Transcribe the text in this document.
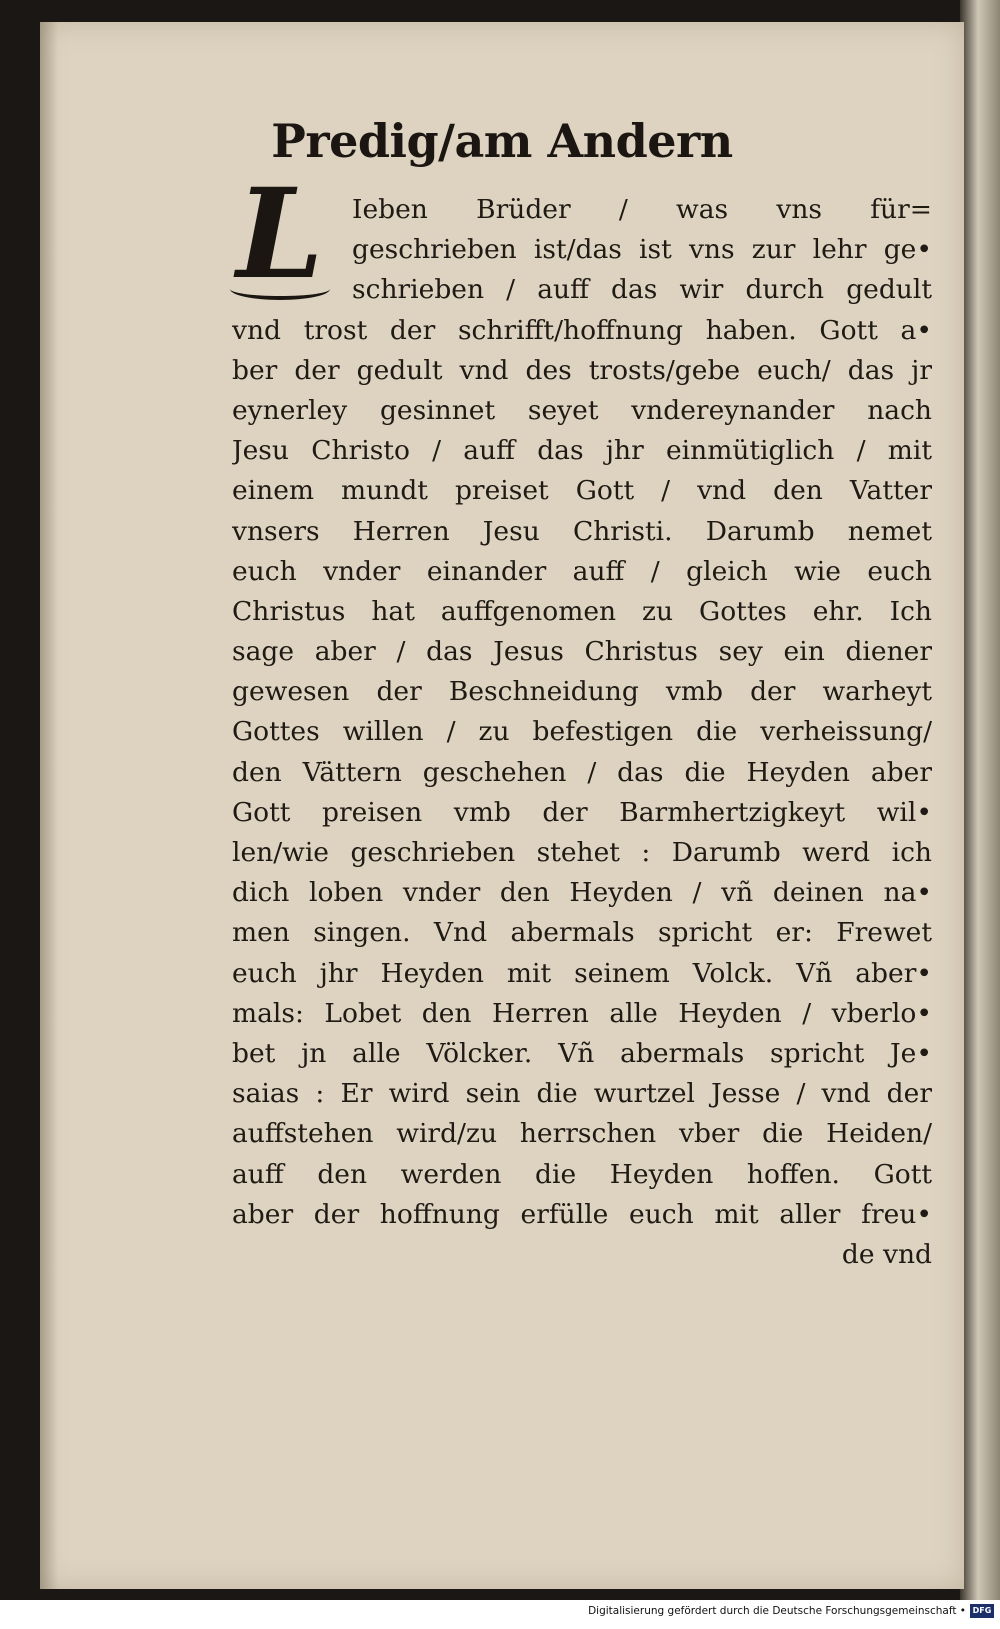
Predig/am Andern
L	Ieben Brüder / was vns für=
geschrieben ist/das ist vns zur lehr ge•
schrieben / auff das wir durch gedult
vnd trost der schrifft/hoffnung haben. Gott a•
ber der gedult vnd des trosts/gebe euch/ das jr
eynerley gesinnet seyet vndereynander nach
Jesu Christo / auff das jhr einmütiglich / mit
einem mundt preiset Gott / vnd den Vatter
vnsers Herren Jesu Christi. Darumb nemet
euch vnder einander auff / gleich wie euch
Christus hat auffgenomen zu Gottes ehr. Ich
sage aber / das Jesus Christus sey ein diener
gewesen der Beschneidung vmb der warheyt
Gottes willen / zu befestigen die verheissung/
den Vättern geschehen / das die Heyden aber
Gott preisen vmb der Barmhertzigkeyt wil•
len/wie geschrieben stehet : Darumb werd ich
dich loben vnder den Heyden / vñ deinen na•
men singen. Vnd abermals spricht er: Frewet
euch jhr Heyden mit seinem Volck. Vñ aber•
mals: Lobet den Herren alle Heyden / vberlo•
bet jn alle Völcker. Vñ abermals spricht Je•
saias : Er wird sein die wurtzel Jesse / vnd der
auffstehen wird/zu herrschen vber die Heiden/
auff den werden die Heyden hoffen. Gott
aber der hoffnung erfülle euch mit aller freu•
de vnd
Digitalisierung gefördert durch die Deutsche Forschungsgemeinschaft • DFG
